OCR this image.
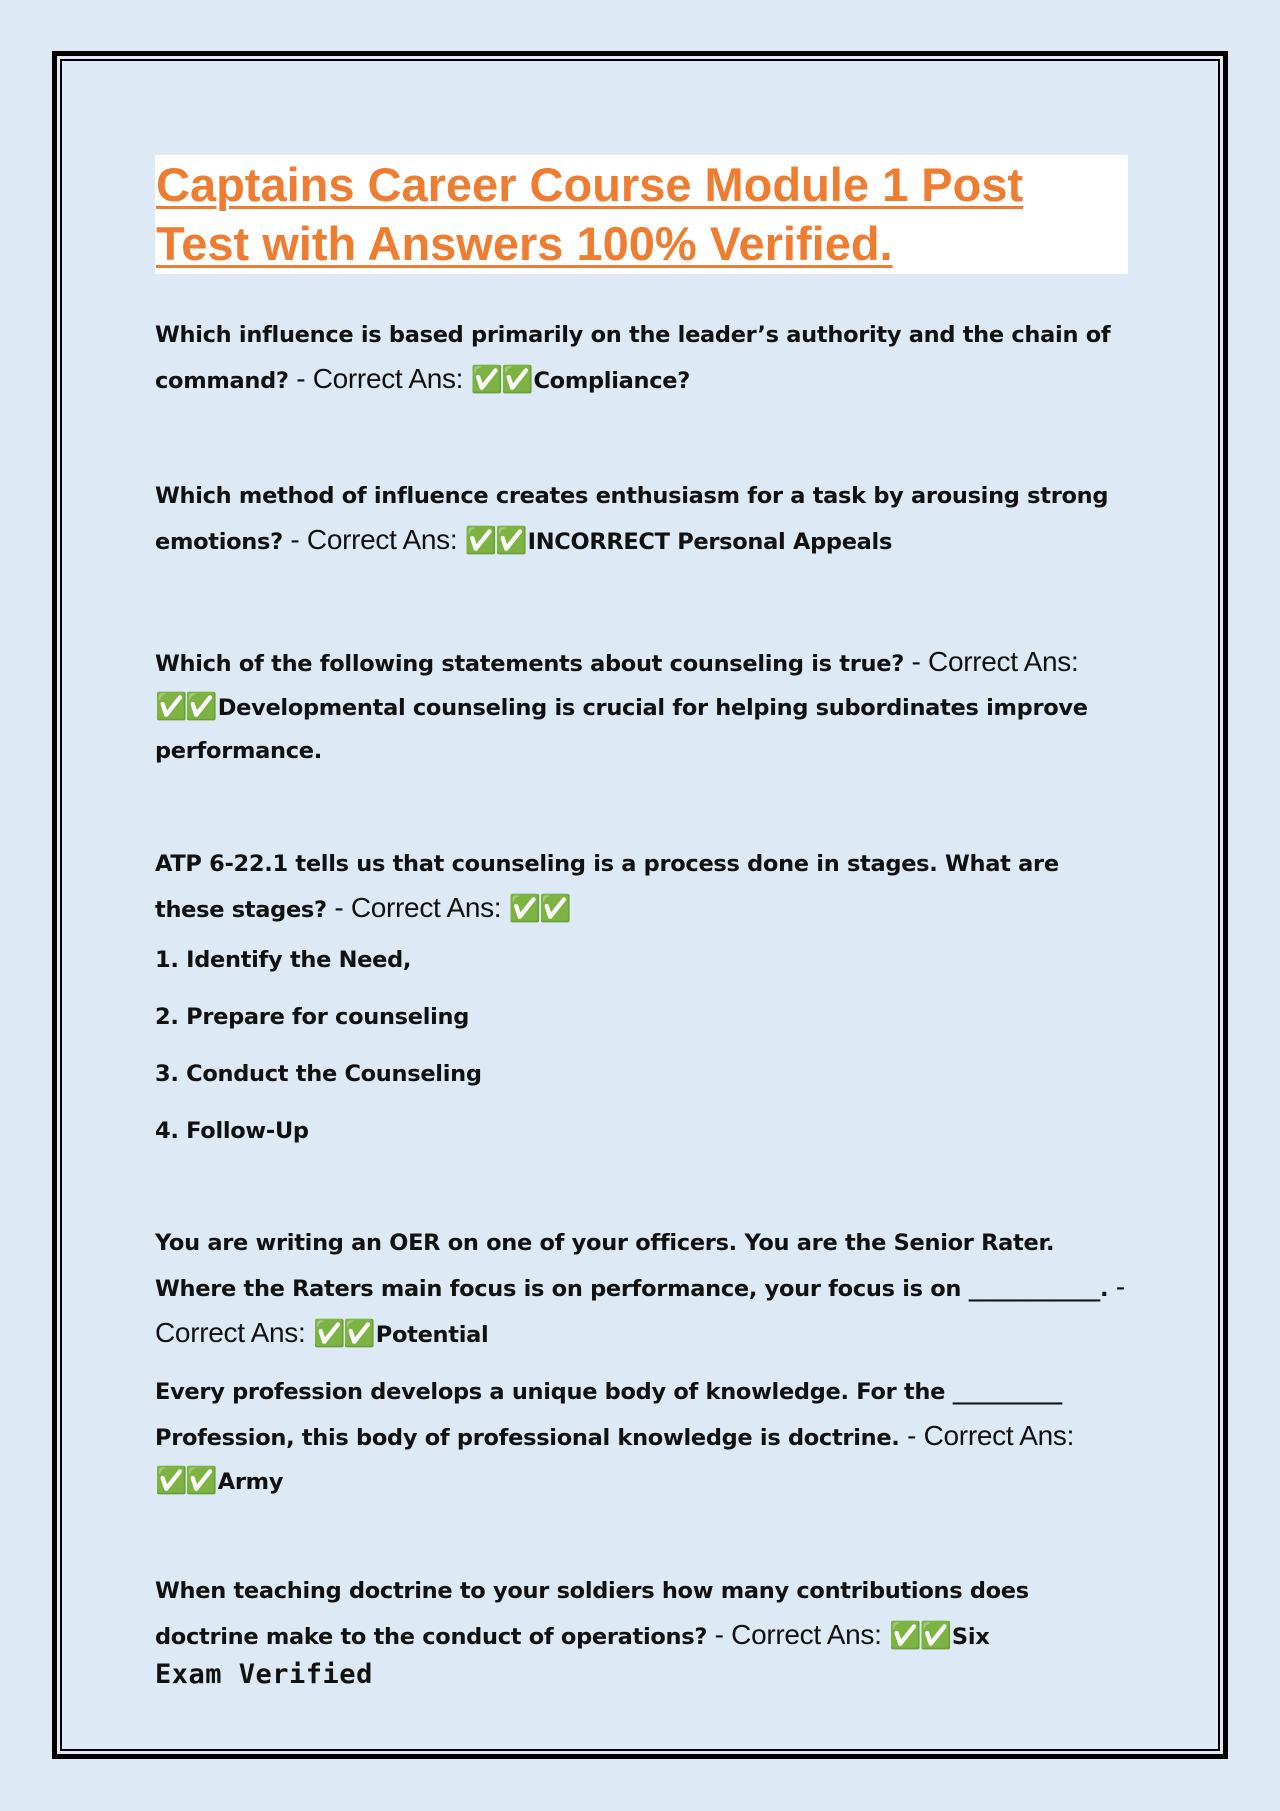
Captains Career Course Module 1 Post Test with Answers 100% Verified.

Which influence is based primarily on the leader’s authority and the chain of command? - Correct Ans: ✅✅Compliance?

Which method of influence creates enthusiasm for a task by arousing strong emotions? - Correct Ans: ✅✅INCORRECT Personal Appeals

Which of the following statements about counseling is true? - Correct Ans: ✅✅Developmental counseling is crucial for helping subordinates improve performance.

ATP 6-22.1 tells us that counseling is a process done in stages. What are these stages? - Correct Ans: ✅✅

1. Identify the Need,
2. Prepare for counseling
3. Conduct the Counseling
4. Follow-Up

You are writing an OER on one of your officers. You are the Senior Rater. Where the Raters main focus is on performance, your focus is on ____________. - Correct Ans: ✅✅Potential

Every profession develops a unique body of knowledge. For the __________ Profession, this body of professional knowledge is doctrine. - Correct Ans: ✅✅Army

When teaching doctrine to your soldiers how many contributions does doctrine make to the conduct of operations? - Correct Ans: ✅✅Six

Exam Verified
